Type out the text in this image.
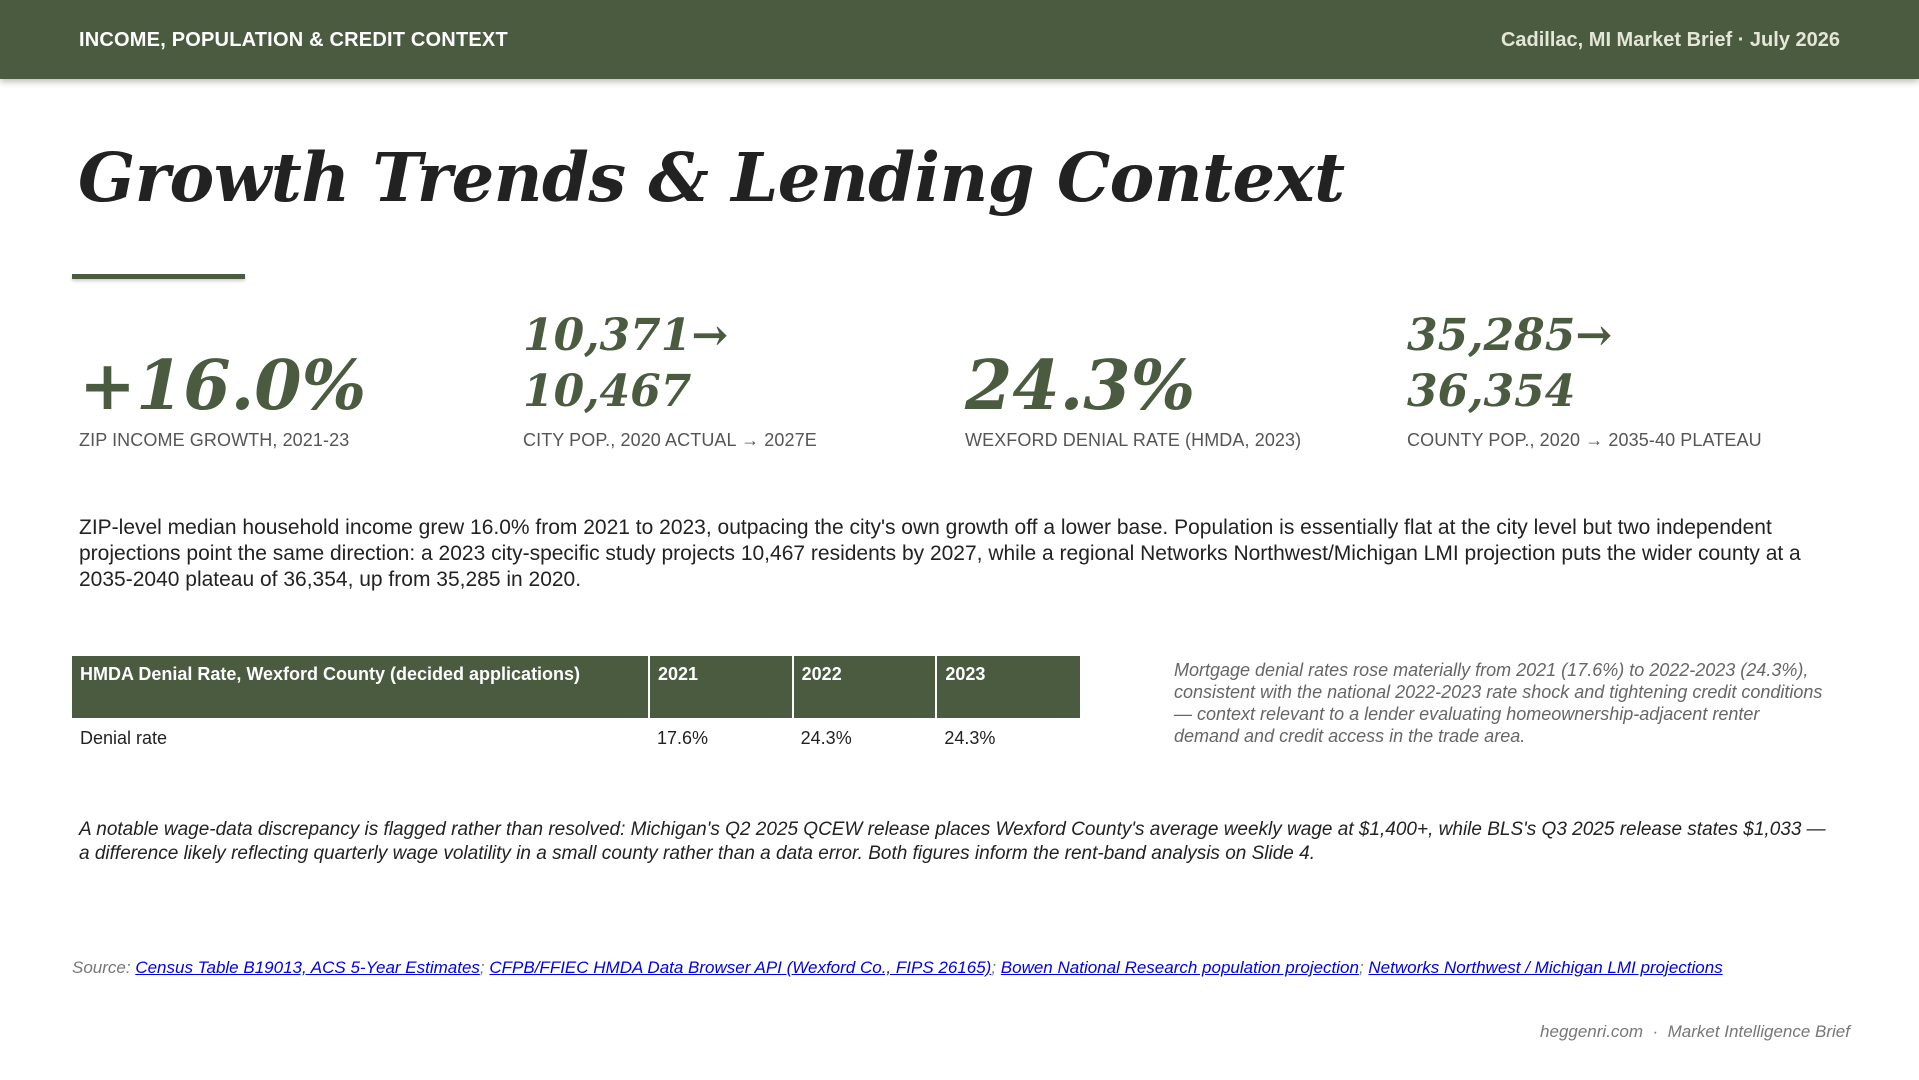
INCOME, POPULATION & CREDIT CONTEXT	Cadillac, MI Market Brief · July 2026
Growth Trends & Lending Context
+16.0%
ZIP INCOME GROWTH, 2021-23
10,371→
10,467
CITY POP., 2020 ACTUAL → 2027E
24.3%
WEXFORD DENIAL RATE (HMDA, 2023)
35,285→
36,354
COUNTY POP., 2020 → 2035-40 PLATEAU

ZIP-level median household income grew 16.0% from 2021 to 2023, outpacing the city's own growth off a lower base. Population is essentially flat at the city level but two independent projections point the same direction: a 2023 city-specific study projects 10,467 residents by 2027, while a regional Networks Northwest/Michigan LMI projection puts the wider county at a 2035-2040 plateau of 36,354, up from 35,285 in 2020.

HMDA Denial Rate, Wexford County (decided applications)	2021	2022	2023
Denial rate	17.6%	24.3%	24.3%

Mortgage denial rates rose materially from 2021 (17.6%) to 2022-2023 (24.3%), consistent with the national 2022-2023 rate shock and tightening credit conditions — context relevant to a lender evaluating homeownership-adjacent renter demand and credit access in the trade area.

A notable wage-data discrepancy is flagged rather than resolved: Michigan's Q2 2025 QCEW release places Wexford County's average weekly wage at $1,400+, while BLS's Q3 2025 release states $1,033 — a difference likely reflecting quarterly wage volatility in a small county rather than a data error. Both figures inform the rent-band analysis on Slide 4.

Source: Census Table B19013, ACS 5-Year Estimates; CFPB/FFIEC HMDA Data Browser API (Wexford Co., FIPS 26165); Bowen National Research population projection; Networks Northwest / Michigan LMI projections

heggenri.com · Market Intelligence Brief
